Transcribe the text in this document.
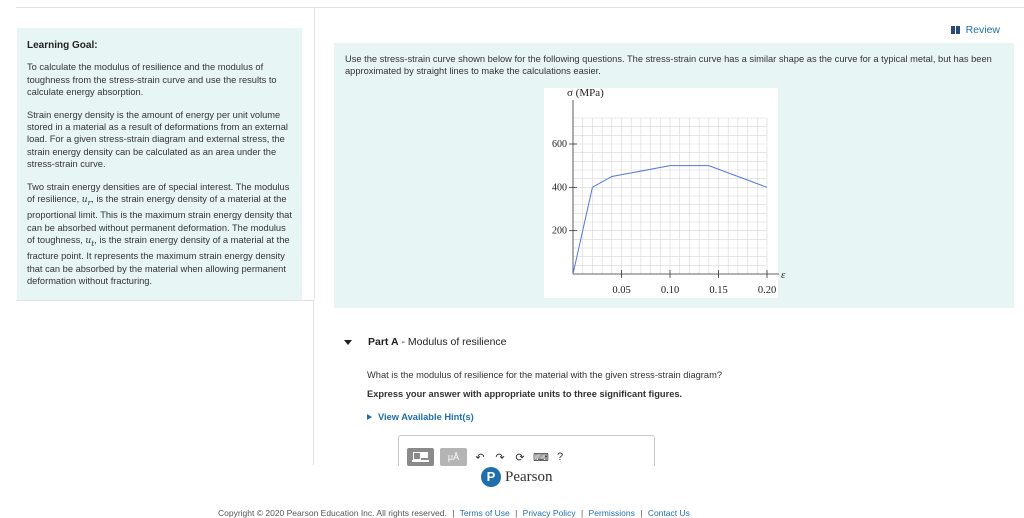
Learning Goal:

To calculate the modulus of resilience and the modulus of toughness from the stress-strain curve and use the results to calculate energy absorption.

Strain energy density is the amount of energy per unit volume stored in a material as a result of deformations from an external load. For a given stress-strain diagram and external stress, the strain energy density can be calculated as an area under the stress-strain curve.

Two strain energy densities are of special interest. The modulus of resilience, $u_r$, is the strain energy density of a material at the proportional limit. This is the maximum strain energy density that can be absorbed without permanent deformation. The modulus of toughness, $u_t$, is the strain energy density of a material at the fracture point. It represents the maximum strain energy density that can be absorbed by the material when allowing permanent deformation without fracturing.

Review
Use the stress-strain curve shown below for the following questions. The stress-strain curve has a similar shape as the curve for a typical metal, but has been approximated by straight lines to make the calculations easier.
200
400
600
0.05	0.10	0.15	0.20
σ (MPa)
ε
Part A - Modulus of resilience
What is the modulus of resilience for the material with the given stress-strain diagram?
Express your answer with appropriate units to three significant figures.
View Available Hint(s)
μÅ	↶ ↷ ⟳ ⌨ ?
P Pearson
Copyright © 2020 Pearson Education Inc. All rights reserved. | Terms of Use | Privacy Policy | Permissions | Contact Us
